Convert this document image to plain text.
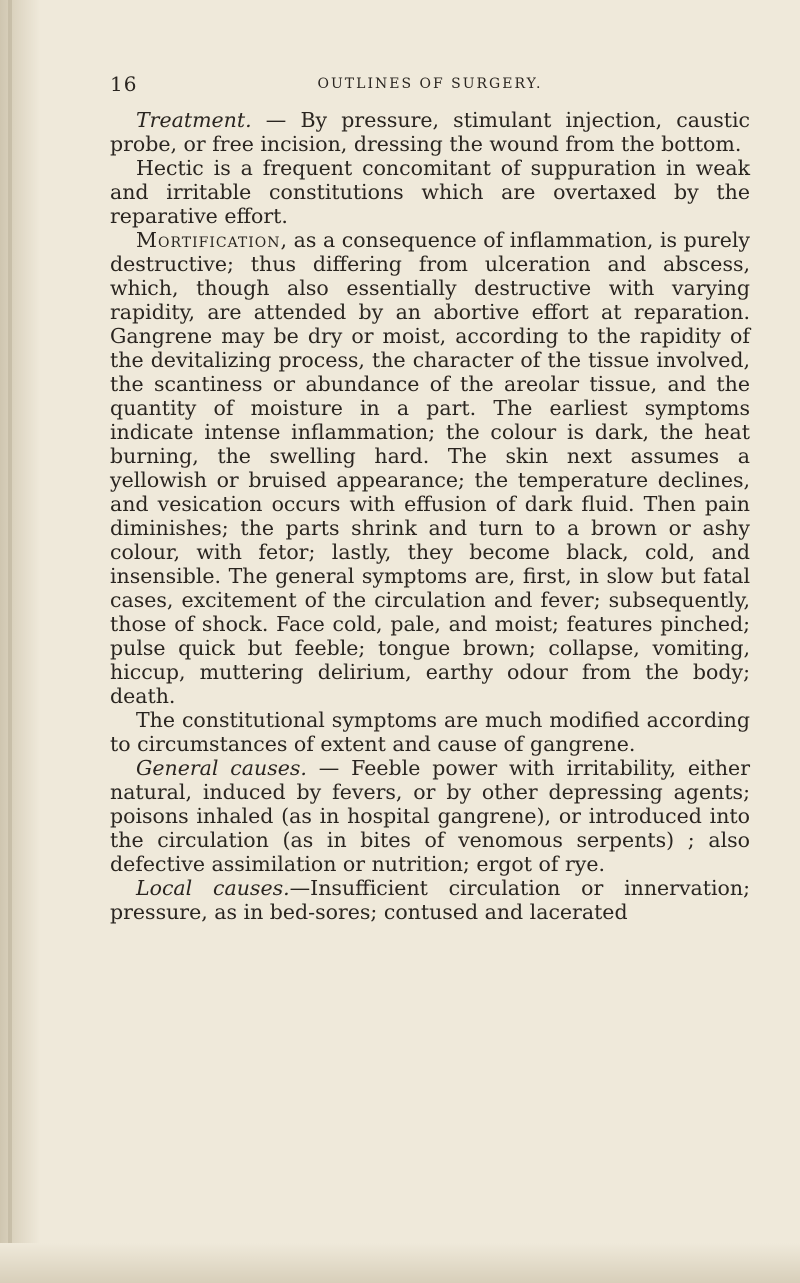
16	OUTLINES OF SURGERY.

Treatment. — By pressure, stimulant injection, caustic probe, or free incision, dressing the wound from the bottom.

Hectic is a frequent concomitant of suppuration in weak and irritable constitutions which are overtaxed by the reparative effort.

Mortification, as a consequence of inflammation, is purely destructive; thus differing from ulceration and abscess, which, though also essentially destructive with varying rapidity, are attended by an abortive effort at reparation. Gangrene may be dry or moist, according to the rapidity of the devitalizing process, the character of the tissue involved, the scantiness or abundance of the areolar tissue, and the quantity of moisture in a part. The earliest symptoms indicate intense inflammation; the colour is dark, the heat burning, the swelling hard. The skin next assumes a yellowish or bruised appearance; the temperature declines, and vesication occurs with effusion of dark fluid. Then pain diminishes; the parts shrink and turn to a brown or ashy colour, with fetor; lastly, they become black, cold, and insensible. The general symptoms are, first, in slow but fatal cases, excitement of the circulation and fever; subsequently, those of shock. Face cold, pale, and moist; features pinched; pulse quick but feeble; tongue brown; collapse, vomiting, hiccup, muttering delirium, earthy odour from the body; death.

The constitutional symptoms are much modified according to circumstances of extent and cause of gangrene.

General causes. — Feeble power with irritability, either natural, induced by fevers, or by other depressing agents; poisons inhaled (as in hospital gangrene), or introduced into the circulation (as in bites of venomous serpents) ; also defective assimilation or nutrition; ergot of rye.

Local causes.—Insufficient circulation or innervation; pressure, as in bed-sores; contused and lacerated
